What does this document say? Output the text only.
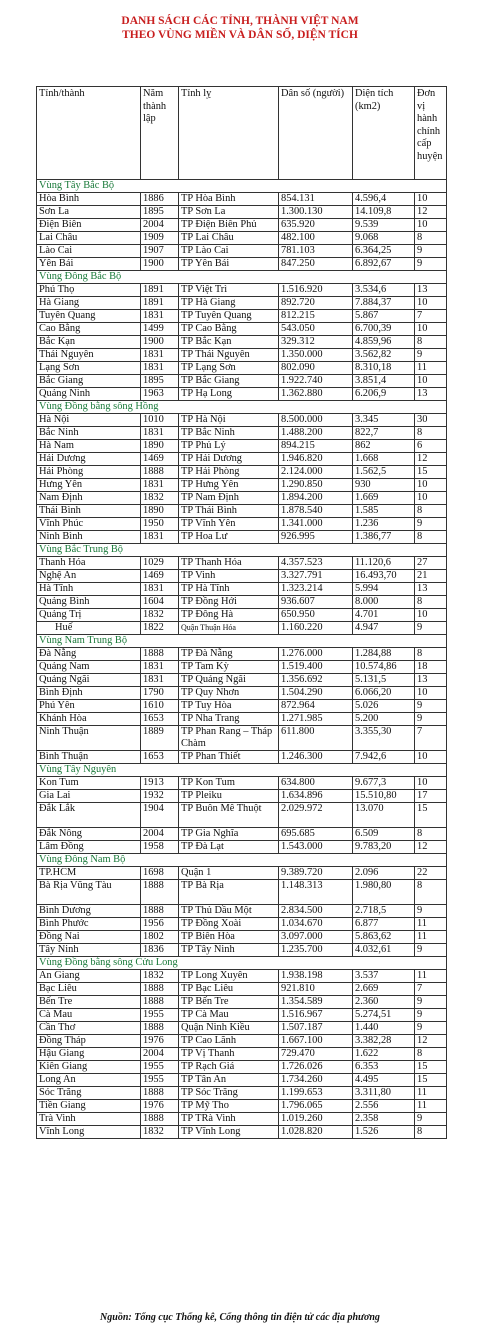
DANH SÁCH CÁC TỈNH, THÀNH VIỆT NAM
THEO VÙNG MIỀN VÀ DÂN SỐ, DIỆN TÍCH
Tỉnh/thành	Năm thành lập	Tỉnh lỵ	Dân số (người)	Diện tích (km2)	Đơn vị hành chính cấp huyện
Vùng Tây Bắc Bộ					
Hòa Bình	1886	TP Hòa Bình	854.131	4.596,4	10
Sơn La	1895	TP Sơn La	1.300.130	14.109,8	12
Điện Biên	2004	TP Điện Biên Phủ	635.920	9.539	10
Lai Châu	1909	TP Lai Châu	482.100	9.068	8
Lào Cai	1907	TP Lào Cai	781.103	6.364,25	9
Yên Bái	1900	TP Yên Bái	847.250	6.892,67	9
Vùng Đông Bắc Bộ					
Phú Thọ	1891	TP Việt Trì	1.516.920	3.534,6	13
Hà Giang	1891	TP Hà Giang	892.720	7.884,37	10
Tuyên Quang	1831	TP Tuyên Quang	812.215	5.867	7
Cao Bằng	1499	TP Cao Bằng	543.050	6.700,39	10
Bắc Kạn	1900	TP Bắc Kạn	329.312	4.859,96	8
Thái Nguyên	1831	TP Thái Nguyên	1.350.000	3.562,82	9
Lạng Sơn	1831	TP Lạng Sơn	802.090	8.310,18	11
Bắc Giang	1895	TP Bắc Giang	1.922.740	3.851,4	10
Quảng Ninh	1963	TP Hạ Long	1.362.880	6.206,9	13
Vùng Đồng bằng sông Hồng					
Hà Nội	1010	TP Hà Nội	8.500.000	3.345	30
Bắc Ninh	1831	TP Bắc Ninh	1.488.200	822,7	8
Hà Nam	1890	TP Phủ Lý	894.215	862	6
Hải Dương	1469	TP Hải Dương	1.946.820	1.668	12
Hải Phòng	1888	TP Hải Phòng	2.124.000	1.562,5	15
Hưng Yên	1831	TP Hưng Yên	1.290.850	930	10
Nam Định	1832	TP Nam Định	1.894.200	1.669	10
Thái Bình	1890	TP Thái Bình	1.878.540	1.585	8
Vĩnh Phúc	1950	TP Vĩnh Yên	1.341.000	1.236	9
Ninh Bình	1831	TP Hoa Lư	926.995	1.386,77	8
Vùng Bắc Trung Bộ					
Thanh Hóa	1029	TP Thanh Hóa	4.357.523	11.120,6	27
Nghệ An	1469	TP Vinh	3.327.791	16.493,70	21
Hà Tĩnh	1831	TP Hà Tĩnh	1.323.214	5.994	13
Quảng Bình	1604	TP Đồng Hới	936.607	8.000	8
Quảng Trị	1832	TP Đông Hà	650.950	4.701	10
Huế	1822	Quận Thuận Hóa	1.160.220	4.947	9
Vùng Nam Trung Bộ					
Đà Nẵng	1888	TP Đà Nẵng	1.276.000	1.284,88	8
Quảng Nam	1831	TP Tam Kỳ	1.519.400	10.574,86	18
Quảng Ngãi	1831	TP Quảng Ngãi	1.356.692	5.131,5	13
Bình Định	1790	TP Quy Nhơn	1.504.290	6.066,20	10
Phú Yên	1610	TP Tuy Hòa	872.964	5.026	9
Khánh Hòa	1653	TP Nha Trang	1.271.985	5.200	9
Ninh Thuận	1889	TP Phan Rang – Tháp Chàm	611.800	3.355,30	7
Bình Thuận	1653	TP Phan Thiết	1.246.300	7.942,6	10
Vùng Tây Nguyên					
Kon Tum	1913	TP Kon Tum	634.800	9.677,3	10
Gia Lai	1932	TP Pleiku	1.634.896	15.510,80	17
Đắk Lắk	1904	TP Buôn Mê Thuột	2.029.972	13.070	15
Đắk Nông	2004	TP Gia Nghĩa	695.685	6.509	8
Lâm Đồng	1958	TP Đà Lạt	1.543.000	9.783,20	12
Vùng Đông Nam Bộ					
TP.HCM	1698	Quận 1	9.389.720	2.096	22
Bà Rịa Vũng Tàu	1888	TP Bà Rịa	1.148.313	1.980,80	8
Bình Dương	1888	TP Thủ Dầu Một	2.834.500	2.718,5	9
Bình Phước	1956	TP Đồng Xoài	1.034.670	6.877	11
Đồng Nai	1802	TP Biên Hòa	3.097.000	5.863,62	11
Tây Ninh	1836	TP Tây Ninh	1.235.700	4.032,61	9
Vùng Đồng bằng sông Cửu Long					
An Giang	1832	TP Long Xuyên	1.938.198	3.537	11
Bạc Liêu	1888	TP Bạc Liêu	921.810	2.669	7
Bến Tre	1888	TP Bến Tre	1.354.589	2.360	9
Cà Mau	1955	TP Cà Mau	1.516.967	5.274,51	9
Cần Thơ	1888	Quận Ninh Kiều	1.507.187	1.440	9
Đồng Tháp	1976	TP Cao Lãnh	1.667.100	3.382,28	12
Hậu Giang	2004	TP Vị Thanh	729.470	1.622	8
Kiên Giang	1955	TP Rạch Giá	1.726.026	6.353	15
Long An	1955	TP Tân An	1.734.260	4.495	15
Sóc Trăng	1888	TP Sóc Trăng	1.199.653	3.311,80	11
Tiền Giang	1976	TP Mỹ Tho	1.796.065	2.556	11
Trà Vinh	1888	TP TRà Vinh	1.019.260	2.358	9
Vĩnh Long	1832	TP Vĩnh Long	1.028.820	1.526	8
Nguồn: Tổng cục Thống kê, Cổng thông tin điện tử các địa phương
